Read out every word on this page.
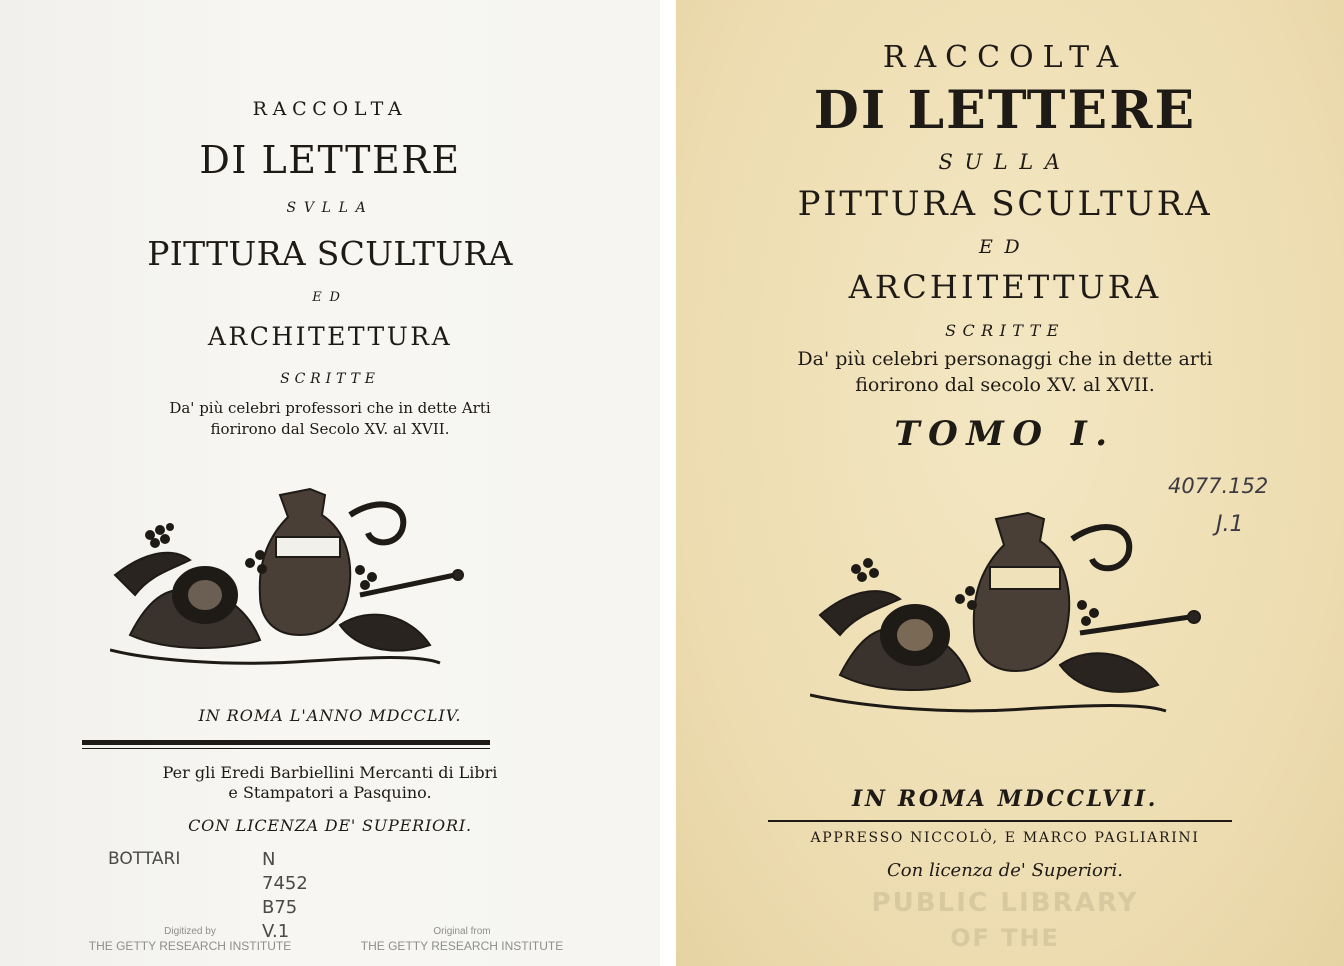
RACCOLTA
DI LETTERE
SVLLA
PITTURA SCULTURA
ED
ARCHITETTURA
SCRITTE
Da' più celebri professori che in dette Arti
fiorirono dal Secolo XV. al XVII.
IN ROMA L'ANNO MDCCLIV.
Per gli Eredi Barbiellini Mercanti di Libri
e Stampatori a Pasquino.
CON LICENZA DE' SUPERIORI.
BOTTARI	N
7452
B75
V.1
Digitized by
THE GETTY RESEARCH INSTITUTE
Original from
THE GETTY RESEARCH INSTITUTE
RACCOLTA
DI LETTERE
SULLA
PITTURA SCULTURA
ED
ARCHITETTURA
SCRITTE
Da' più celebri personaggi che in dette arti
fiorirono dal secolo XV. al XVII.
TOMO I.
4077.152
J.1
IN ROMA MDCCLVII.
APPRESSO NICCOLÒ, E MARCO PAGLIARINI
Con licenza de' Superiori.
PUBLIC LIBRARY
OF THE
